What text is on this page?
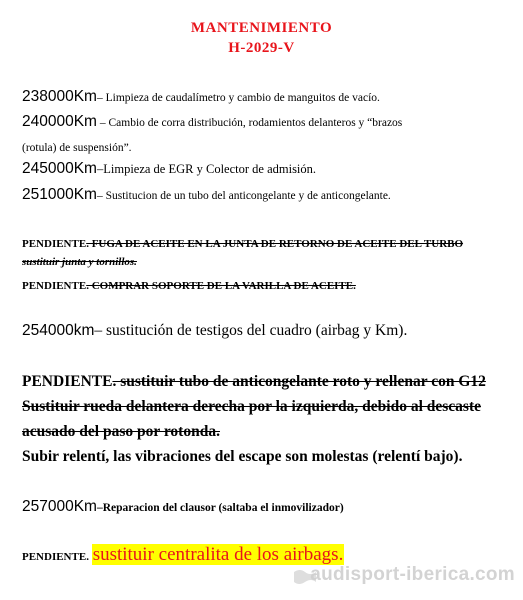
MANTENIMIENTO
H-2029-V
238000Km– Limpieza de caudalímetro y cambio de manguitos de vacío.
240000Km – Cambio de corra distribución, rodamientos delanteros y “brazos
(rotula) de suspensión”.
245000Km–Limpieza de EGR y Colector de admisión.
251000Km– Sustitucion de un tubo del anticongelante y de anticongelante.
PENDIENTE. FUGA DE ACEITE EN LA JUNTA DE RETORNO DE ACEITE DEL TURBO
sustituir junta y tornillos.
PENDIENTE. COMPRAR SOPORTE DE LA VARILLA DE ACEITE.
254000km– sustitución de testigos del cuadro (airbag y Km).
PENDIENTE. sustituir tubo de anticongelante roto y rellenar con G12
Sustituir rueda delantera derecha por la izquierda, debido al descaste
acusado del paso por rotonda.
Subir relentí, las vibraciones del escape son molestas (relentí bajo).
257000Km–Reparacion del clausor (saltaba el inmovilizador)
PENDIENTE. sustituir centralita de los airbags.
audisport-iberica.com
